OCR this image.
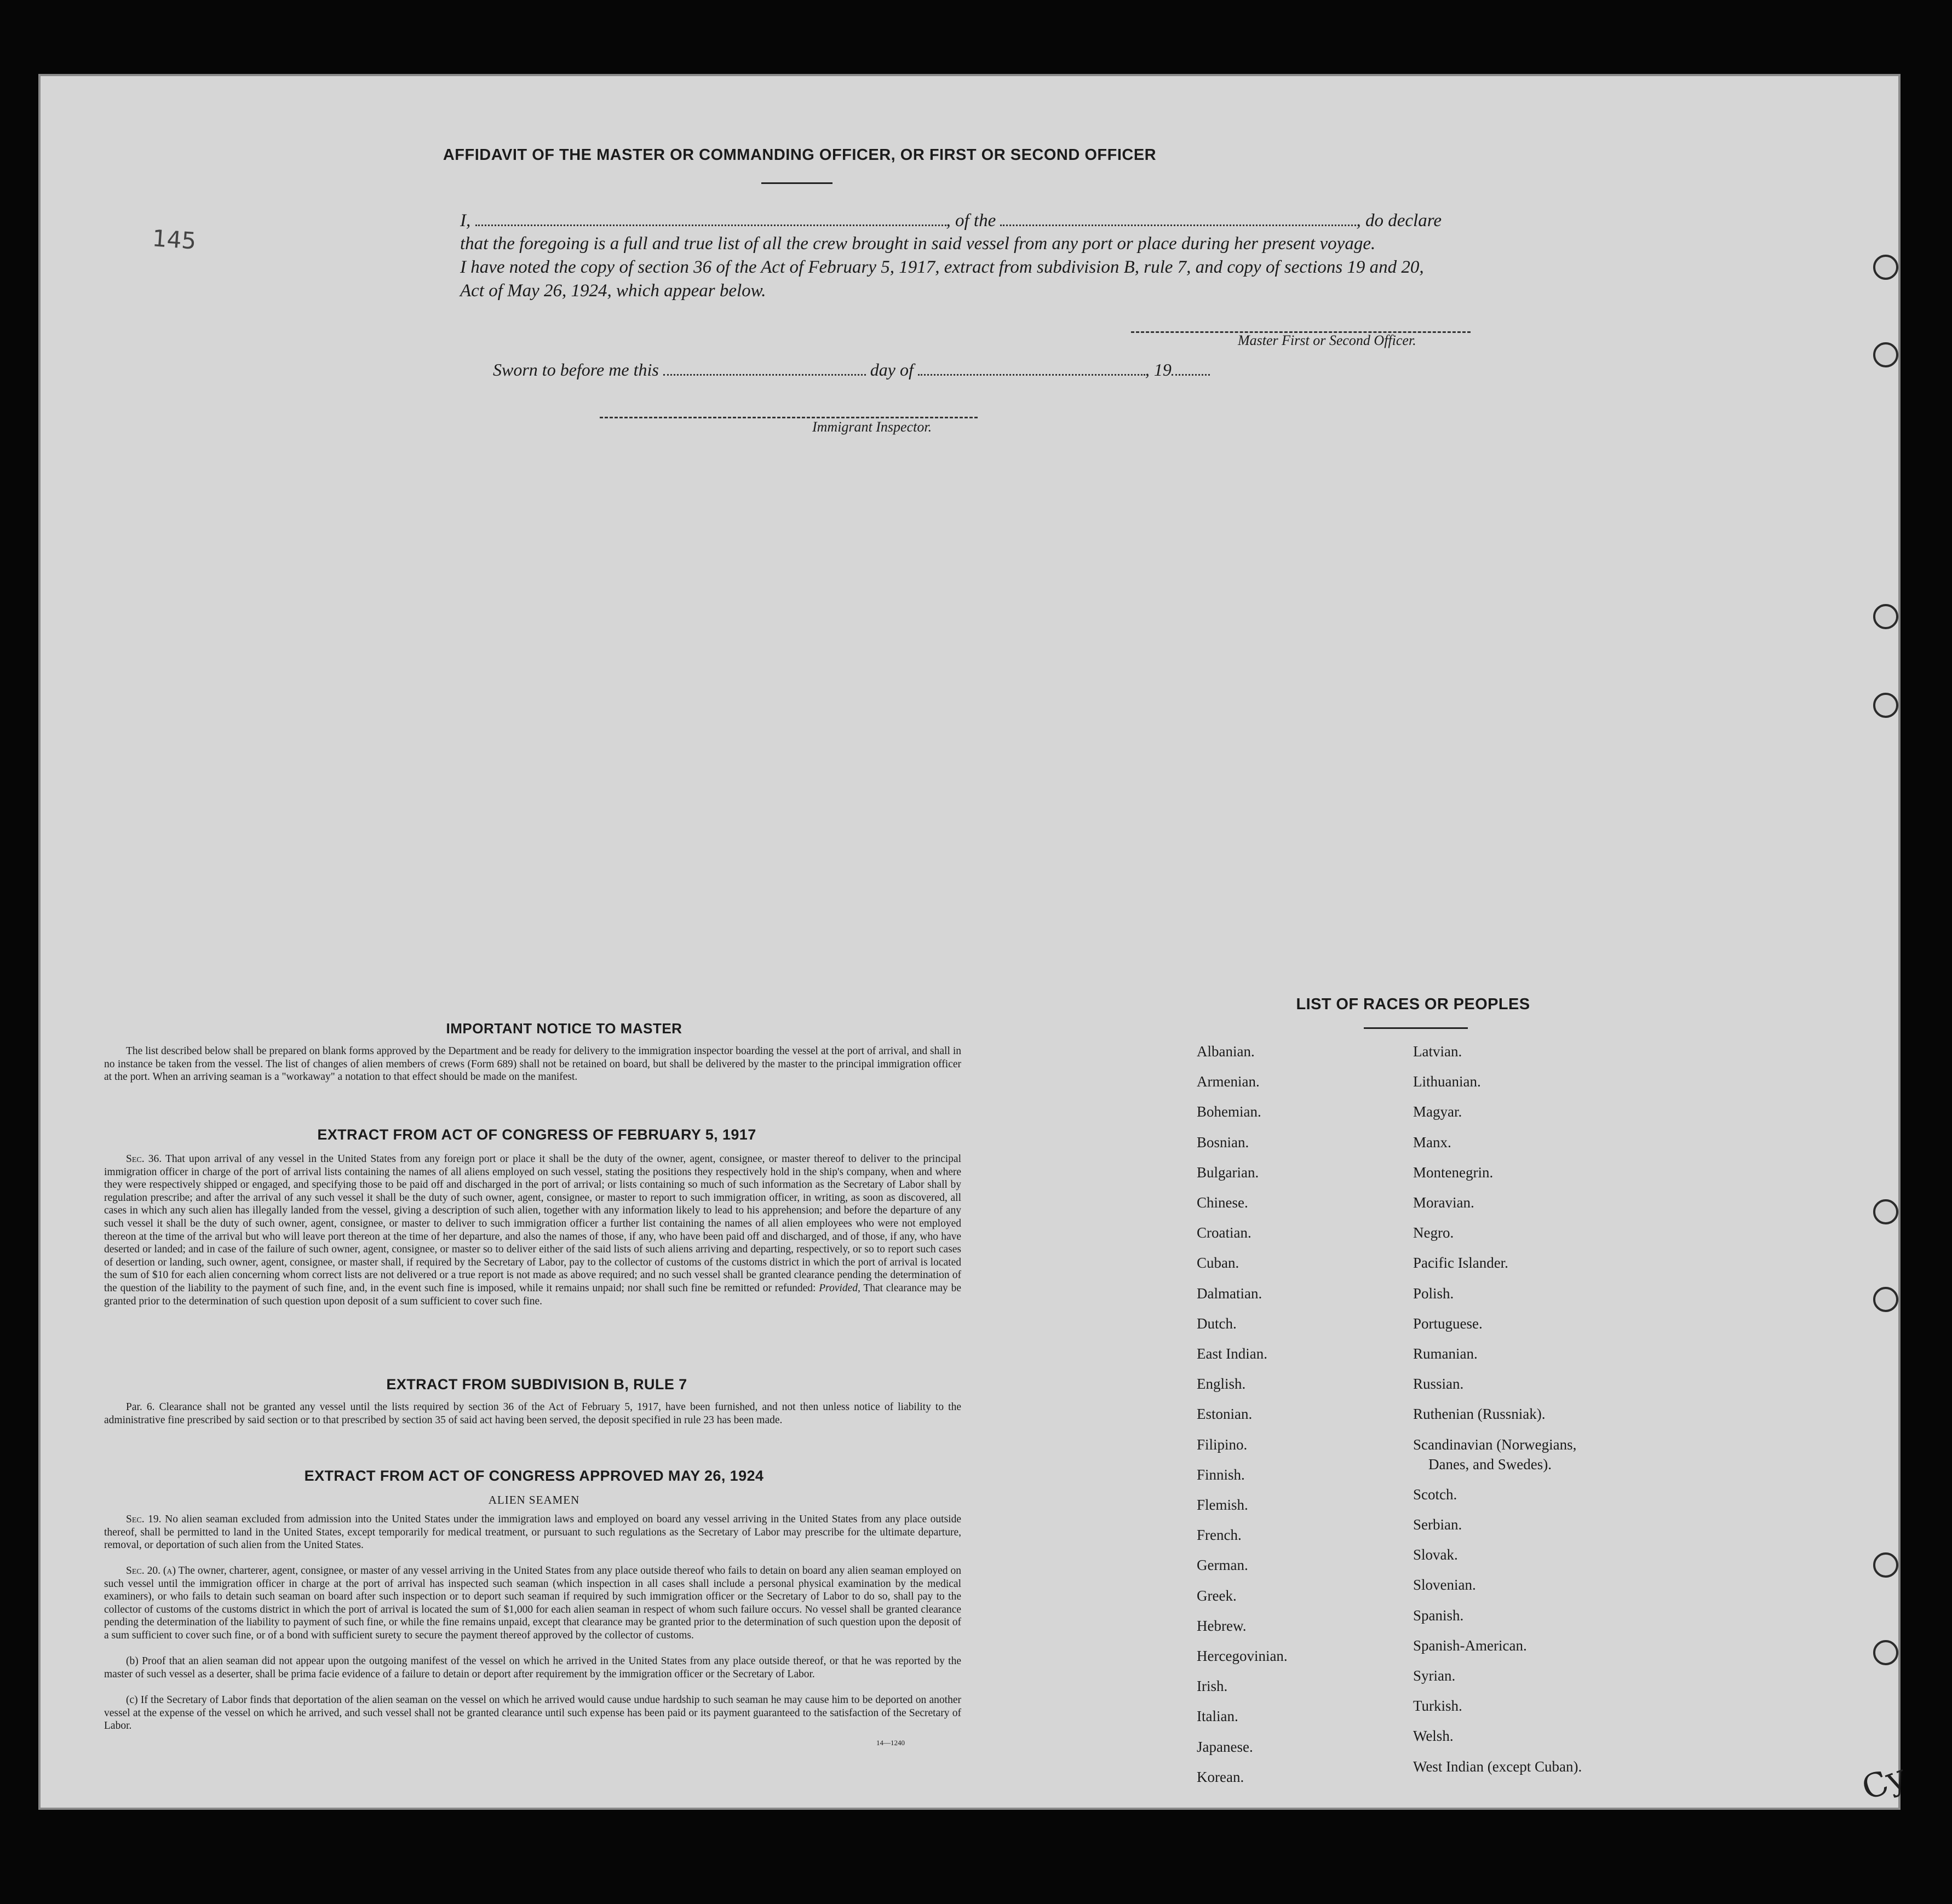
AFFIDAVIT OF THE MASTER OR COMMANDING OFFICER, OR FIRST OR SECOND OFFICER
I,	, of the	, do declare
that the foregoing is a full and true list of all the crew brought in said vessel from any port or place during her present voyage.
I have noted the copy of section 36 of the Act of February 5, 1917, extract from subdivision B, rule 7, and copy of sections 19 and 20,
Act of May 26, 1924, which appear below.
Master First or Second Officer.
Sworn to before me this	day of	, 19
Immigrant Inspector.
IMPORTANT NOTICE TO MASTER
The list described below shall be prepared on blank forms approved by the Department and be ready for delivery to the immigration inspector boarding the vessel at the port of arrival, and shall in no instance be taken from the vessel. The list of changes of alien members of crews (Form 689) shall not be retained on board, but shall be delivered by the master to the principal immigration officer at the port. When an arriving seaman is a "workaway" a notation to that effect should be made on the manifest.
EXTRACT FROM ACT OF CONGRESS OF FEBRUARY 5, 1917
Sec. 36. That upon arrival of any vessel in the United States from any foreign port or place it shall be the duty of the owner, agent, consignee, or master thereof to deliver to the principal immigration officer in charge of the port of arrival lists containing the names of all aliens employed on such vessel, stating the positions they respectively hold in the ship's company, when and where they were respectively shipped or engaged, and specifying those to be paid off and discharged in the port of arrival; or lists containing so much of such information as the Secretary of Labor shall by regulation prescribe; and after the arrival of any such vessel it shall be the duty of such owner, agent, consignee, or master to report to such immigration officer, in writing, as soon as discovered, all cases in which any such alien has illegally landed from the vessel, giving a description of such alien, together with any information likely to lead to his apprehension; and before the departure of any such vessel it shall be the duty of such owner, agent, consignee, or master to deliver to such immigration officer a further list containing the names of all alien employees who were not employed thereon at the time of the arrival but who will leave port thereon at the time of her departure, and also the names of those, if any, who have been paid off and discharged, and of those, if any, who have deserted or landed; and in case of the failure of such owner, agent, consignee, or master so to deliver either of the said lists of such aliens arriving and departing, respectively, or so to report such cases of desertion or landing, such owner, agent, consignee, or master shall, if required by the Secretary of Labor, pay to the collector of customs of the customs district in which the port of arrival is located the sum of $10 for each alien concerning whom correct lists are not delivered or a true report is not made as above required; and no such vessel shall be granted clearance pending the determination of the question of the liability to the payment of such fine, and, in the event such fine is imposed, while it remains unpaid; nor shall such fine be remitted or refunded: Provided, That clearance may be granted prior to the determination of such question upon deposit of a sum sufficient to cover such fine.
EXTRACT FROM SUBDIVISION B, RULE 7
Par. 6. Clearance shall not be granted any vessel until the lists required by section 36 of the Act of February 5, 1917, have been furnished, and not then unless notice of liability to the administrative fine prescribed by said section or to that prescribed by section 35 of said act having been served, the deposit specified in rule 23 has been made.
EXTRACT FROM ACT OF CONGRESS APPROVED MAY 26, 1924
ALIEN SEAMEN
Sec. 19. No alien seaman excluded from admission into the United States under the immigration laws and employed on board any vessel arriving in the United States from any place outside thereof, shall be permitted to land in the United States, except temporarily for medical treatment, or pursuant to such regulations as the Secretary of Labor may prescribe for the ultimate departure, removal, or deportation of such alien from the United States.
Sec. 20. (a) The owner, charterer, agent, consignee, or master of any vessel arriving in the United States from any place outside thereof who fails to detain on board any alien seaman employed on such vessel until the immigration officer in charge at the port of arrival has inspected such seaman (which inspection in all cases shall include a personal physical examination by the medical examiners), or who fails to detain such seaman on board after such inspection or to deport such seaman if required by such immigration officer or the Secretary of Labor to do so, shall pay to the collector of customs of the customs district in which the port of arrival is located the sum of $1,000 for each alien seaman in respect of whom such failure occurs. No vessel shall be granted clearance pending the determination of the liability to payment of such fine, or while the fine remains unpaid, except that clearance may be granted prior to the determination of such question upon the deposit of a sum sufficient to cover such fine, or of a bond with sufficient surety to secure the payment thereof approved by the collector of customs.
(b) Proof that an alien seaman did not appear upon the outgoing manifest of the vessel on which he arrived in the United States from any place outside thereof, or that he was reported by the master of such vessel as a deserter, shall be prima facie evidence of a failure to detain or deport after requirement by the immigration officer or the Secretary of Labor.
(c) If the Secretary of Labor finds that deportation of the alien seaman on the vessel on which he arrived would cause undue hardship to such seaman he may cause him to be deported on another vessel at the expense of the vessel on which he arrived, and such vessel shall not be granted clearance until such expense has been paid or its payment guaranteed to the satisfaction of the Secretary of Labor.
14—1240
LIST OF RACES OR PEOPLES
145
Cy
Albanian.
Armenian.
Bohemian.
Bosnian.
Bulgarian.
Chinese.
Croatian.
Cuban.
Dalmatian.
Dutch.
East Indian.
English.
Estonian.
Filipino.
Finnish.
Flemish.
French.
German.
Greek.
Hebrew.
Hercegovinian.
Irish.
Italian.
Japanese.
Korean.
Latvian.
Lithuanian.
Magyar.
Manx.
Montenegrin.
Moravian.
Negro.
Pacific Islander.
Polish.
Portuguese.
Rumanian.
Russian.
Ruthenian (Russniak).
Scandinavian (Norwegians,
Danes, and Swedes).
Scotch.
Serbian.
Slovak.
Slovenian.
Spanish.
Spanish-American.
Syrian.
Turkish.
Welsh.
West Indian (except Cuban).
